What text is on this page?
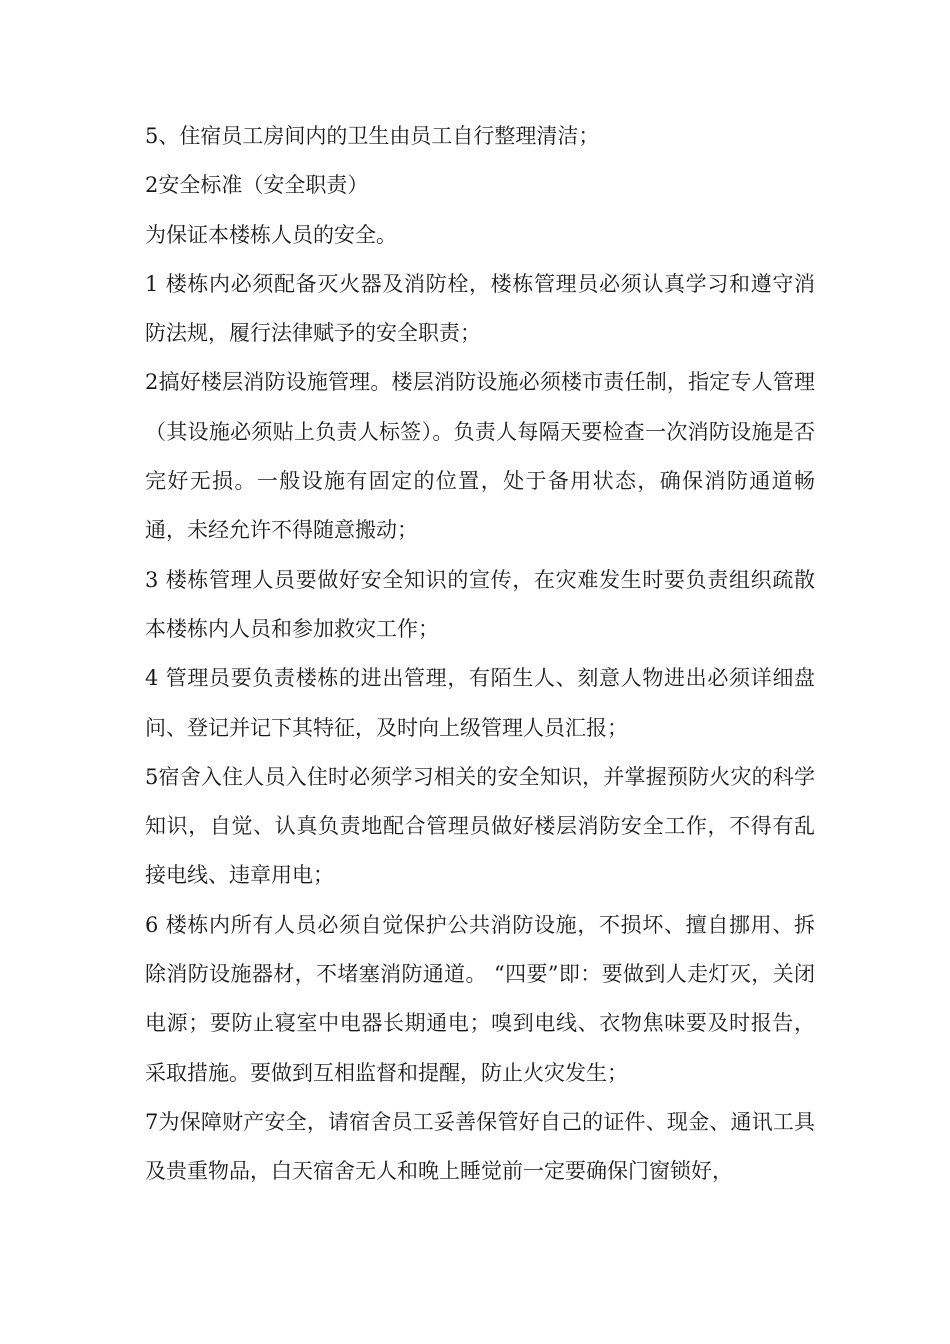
5、住宿员工房间内的卫生由员工自行整理清洁；

2安全标准（安全职责）

为保证本楼栋人员的安全。

1 楼栋内必须配备灭火器及消防栓，楼栋管理员必须认真学习和遵守消防法规，履行法律赋予的安全职责；

2搞好楼层消防设施管理。楼层消防设施必须楼市责任制，指定专人管理（其设施必须贴上负责人标签）。负责人每隔天要检查一次消防设施是否完好无损。一般设施有固定的位置，处于备用状态，确保消防通道畅通，未经允许不得随意搬动；

3 楼栋管理人员要做好安全知识的宣传，在灾难发生时要负责组织疏散本楼栋内人员和参加救灾工作；

4 管理员要负责楼栋的进出管理，有陌生人、刻意人物进出必须详细盘问、登记并记下其特征，及时向上级管理人员汇报；

5宿舍入住人员入住时必须学习相关的安全知识，并掌握预防火灾的科学知识，自觉、认真负责地配合管理员做好楼层消防安全工作，不得有乱接电线、违章用电；

6 楼栋内所有人员必须自觉保护公共消防设施，不损坏、擅自挪用、拆除消防设施器材，不堵塞消防通道。 “四要”即：要做到人走灯灭，关闭电源；要防止寝室中电器长期通电；嗅到电线、衣物焦味要及时报告，采取措施。要做到互相监督和提醒，防止火灾发生；

7为保障财产安全，请宿舍员工妥善保管好自己的证件、现金、通讯工具及贵重物品，白天宿舍无人和晚上睡觉前一定要确保门窗锁好，
